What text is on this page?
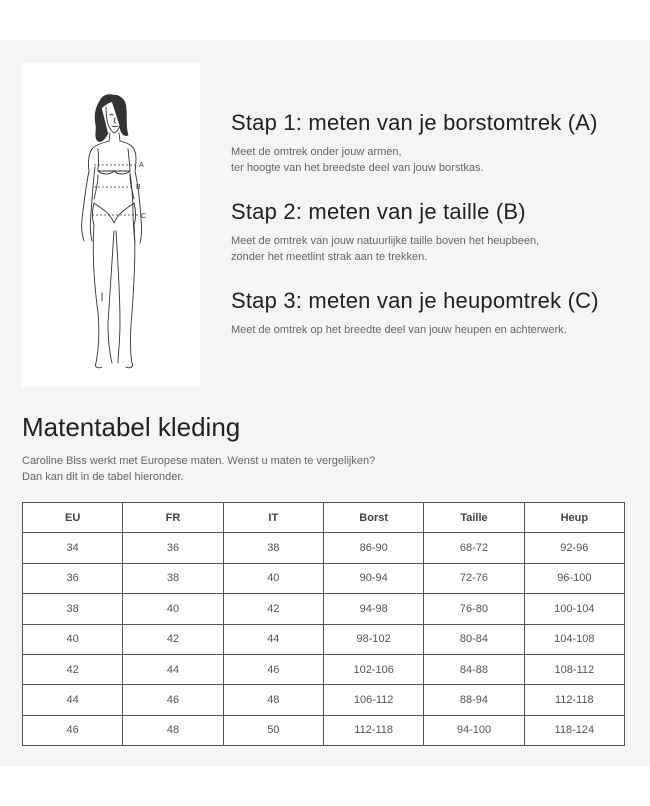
A
B
C
Stap 1: meten van je borstomtrek (A)

Meet de omtrek onder jouw armen,
ter hoogte van het breedste deel van jouw borstkas.

Stap 2: meten van je taille (B)

Meet de omtrek van jouw natuurlijke taille boven het heupbeen,
zonder het meetlint strak aan te trekken.

Stap 3: meten van je heupomtrek (C)

Meet de omtrek op het breedte deel van jouw heupen en achterwerk.

Matentabel kleding

Caroline Biss werkt met Europese maten. Wenst u maten te vergelijken?
Dan kan dit in de tabel hieronder.

EU	FR	IT	Borst	Taille	Heup
34	36	38	86-90	68-72	92-96
36	38	40	90-94	72-76	96-100
38	40	42	94-98	76-80	100-104
40	42	44	98-102	80-84	104-108
42	44	46	102-106	84-88	108-112
44	46	48	106-112	88-94	112-118
46	48	50	112-118	94-100	118-124
